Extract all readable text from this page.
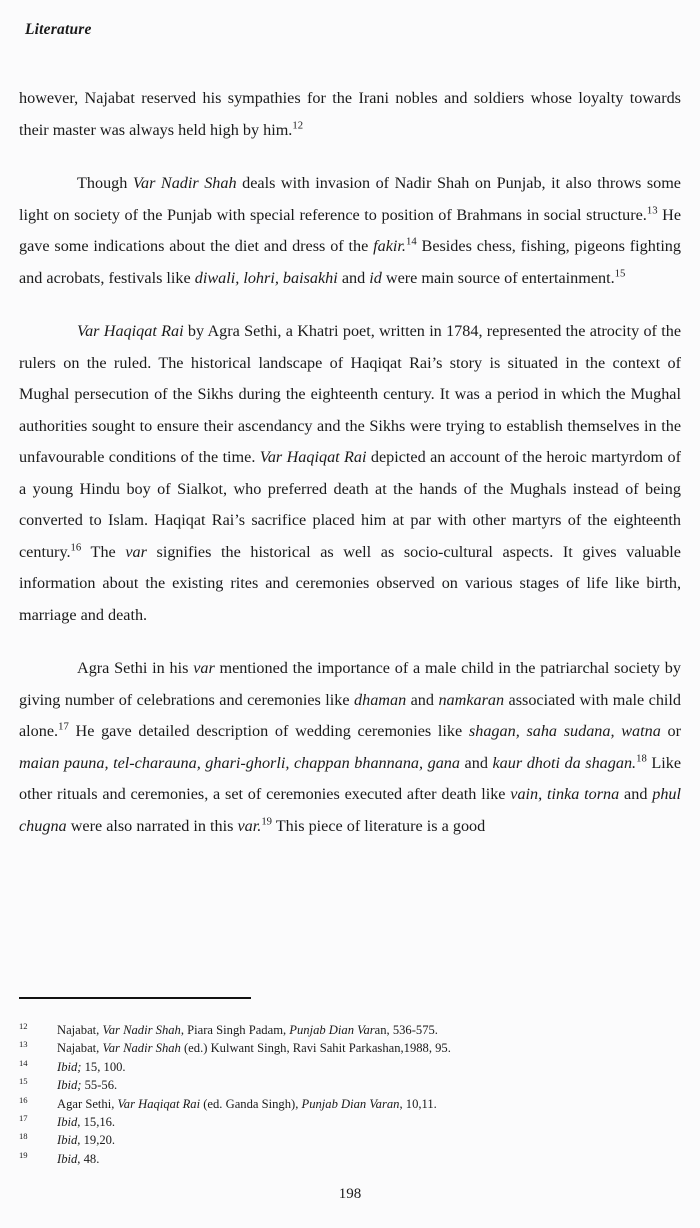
Literature

however, Najabat reserved his sympathies for the Irani nobles and soldiers whose loyalty towards their master was always held high by him.$^{12}$

Though Var Nadir Shah deals with invasion of Nadir Shah on Punjab, it also throws some light on society of the Punjab with special reference to position of Brahmans in social structure.$^{13}$ He gave some indications about the diet and dress of the fakir.$^{14}$ Besides chess, fishing, pigeons fighting and acrobats, festivals like diwali, lohri, baisakhi and id were main source of entertainment.$^{15}$

Var Haqiqat Rai by Agra Sethi, a Khatri poet, written in 1784, represented the atrocity of the rulers on the ruled. The historical landscape of Haqiqat Rai’s story is situated in the context of Mughal persecution of the Sikhs during the eighteenth century. It was a period in which the Mughal authorities sought to ensure their ascendancy and the Sikhs were trying to establish themselves in the unfavourable conditions of the time. Var Haqiqat Rai depicted an account of the heroic martyrdom of a young Hindu boy of Sialkot, who preferred death at the hands of the Mughals instead of being converted to Islam. Haqiqat Rai’s sacrifice placed him at par with other martyrs of the eighteenth century.$^{16}$ The var signifies the historical as well as socio-cultural aspects. It gives valuable information about the existing rites and ceremonies observed on various stages of life like birth, marriage and death.

Agra Sethi in his var mentioned the importance of a male child in the patriarchal society by giving number of celebrations and ceremonies like dhaman and namkaran associated with male child alone.$^{17}$ He gave detailed description of wedding ceremonies like shagan, saha sudana, watna or maian pauna, tel-charauna, ghari-ghorli, chappan bhannana, gana and kaur dhoti da shagan.$^{18}$ Like other rituals and ceremonies, a set of ceremonies executed after death like vain, tinka torna and phul chugna were also narrated in this var.$^{19}$ This piece of literature is a good

12	Najabat, Var Nadir Shah, Piara Singh Padam, Punjab Dian Varan, 536-575.
13	Najabat, Var Nadir Shah (ed.) Kulwant Singh, Ravi Sahit Parkashan,1988, 95.
14	Ibid; 15, 100.
15	Ibid; 55-56.
16	Agar Sethi, Var Haqiqat Rai (ed. Ganda Singh), Punjab Dian Varan, 10,11.
17	Ibid, 15,16.
18	Ibid, 19,20.
19	Ibid, 48.
198
